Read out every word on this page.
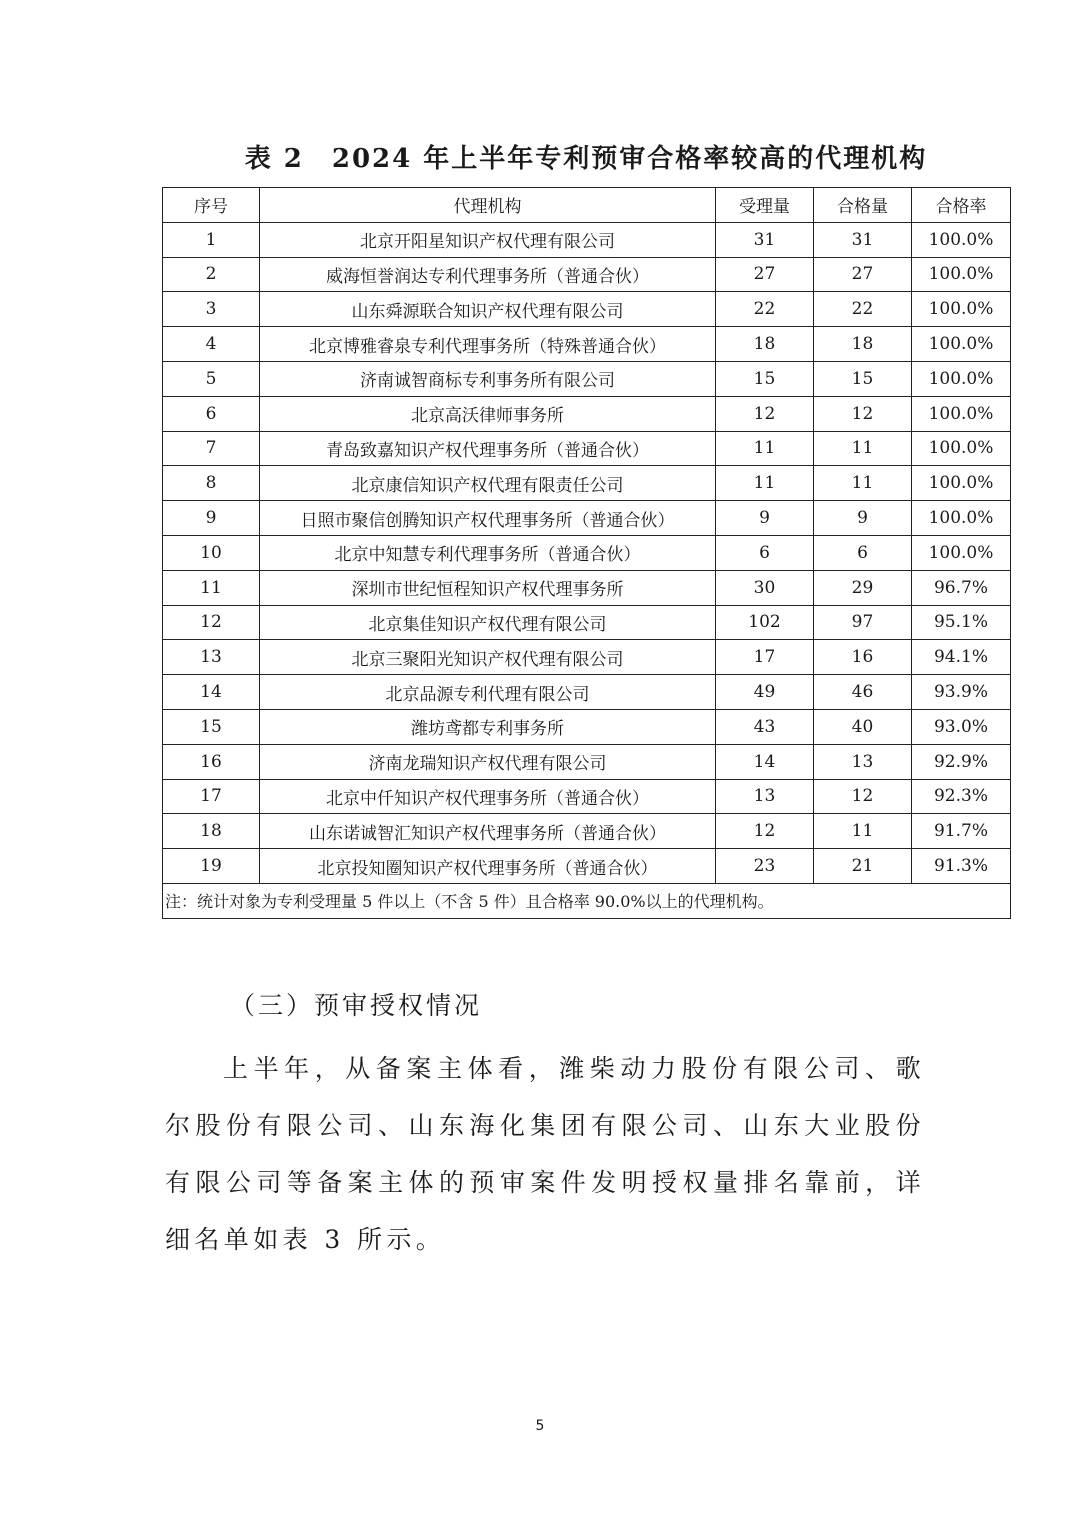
表 2　2024 年上半年专利预审合格率较高的代理机构
序号	代理机构	受理量	合格量	合格率
1	北京开阳星知识产权代理有限公司	31	31	100.0%
2	威海恒誉润达专利代理事务所（普通合伙）	27	27	100.0%
3	山东舜源联合知识产权代理有限公司	22	22	100.0%
4	北京博雅睿泉专利代理事务所（特殊普通合伙）	18	18	100.0%
5	济南诚智商标专利事务所有限公司	15	15	100.0%
6	北京高沃律师事务所	12	12	100.0%
7	青岛致嘉知识产权代理事务所（普通合伙）	11	11	100.0%
8	北京康信知识产权代理有限责任公司	11	11	100.0%
9	日照市聚信创腾知识产权代理事务所（普通合伙）	9	9	100.0%
10	北京中知慧专利代理事务所（普通合伙）	6	6	100.0%
11	深圳市世纪恒程知识产权代理事务所	30	29	96.7%
12	北京集佳知识产权代理有限公司	102	97	95.1%
13	北京三聚阳光知识产权代理有限公司	17	16	94.1%
14	北京品源专利代理有限公司	49	46	93.9%
15	潍坊鸢都专利事务所	43	40	93.0%
16	济南龙瑞知识产权代理有限公司	14	13	92.9%
17	北京中仟知识产权代理事务所（普通合伙）	13	12	92.3%
18	山东诺诚智汇知识产权代理事务所（普通合伙）	12	11	91.7%
19	北京投知圈知识产权代理事务所（普通合伙）	23	21	91.3%
注：统计对象为专利受理量 5 件以上（不含 5 件）且合格率 90.0%以上的代理机构。				
（三）预审授权情况
上半年，从备案主体看，潍柴动力股份有限公司、歌尔股份有限公司、山东海化集团有限公司、山东大业股份有限公司等备案主体的预审案件发明授权量排名靠前，详细名单如表 3 所示。
5
